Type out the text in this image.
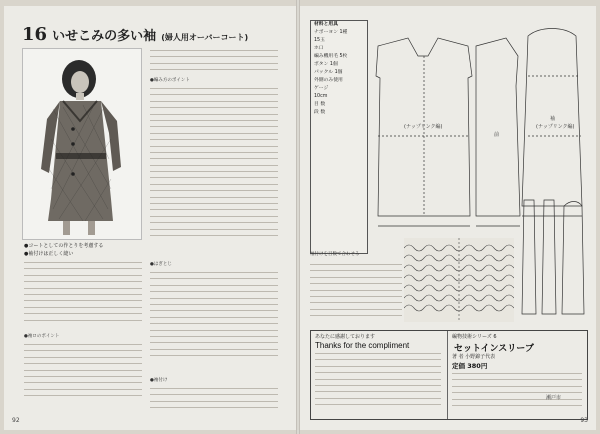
16 いせこみの多い袖 (婦人用オーバーコート)
●コートとしての作とりを考慮する
●袖付けは正しく縫い
●袖ロのポイント
●編み方のポイント
●はぎとじ
●袖付け
92
材料と用具
ナポーヨン 1種
15玉
ホ口
編み機用毛 5枚
ボタン 1個
パックル 1個
外側のみ使用
ゲージ
10cm
目 数
段 数
(ナップリンク編)
前
袖
(ナップリンク編)
袖付けを目数で合わせる
あなたに感謝しております
Thanks for the compliment
編物技術シリーズ 6
セットインスリーブ
著 者 小野錦子代表
定価 380円
瀬戸市
93
